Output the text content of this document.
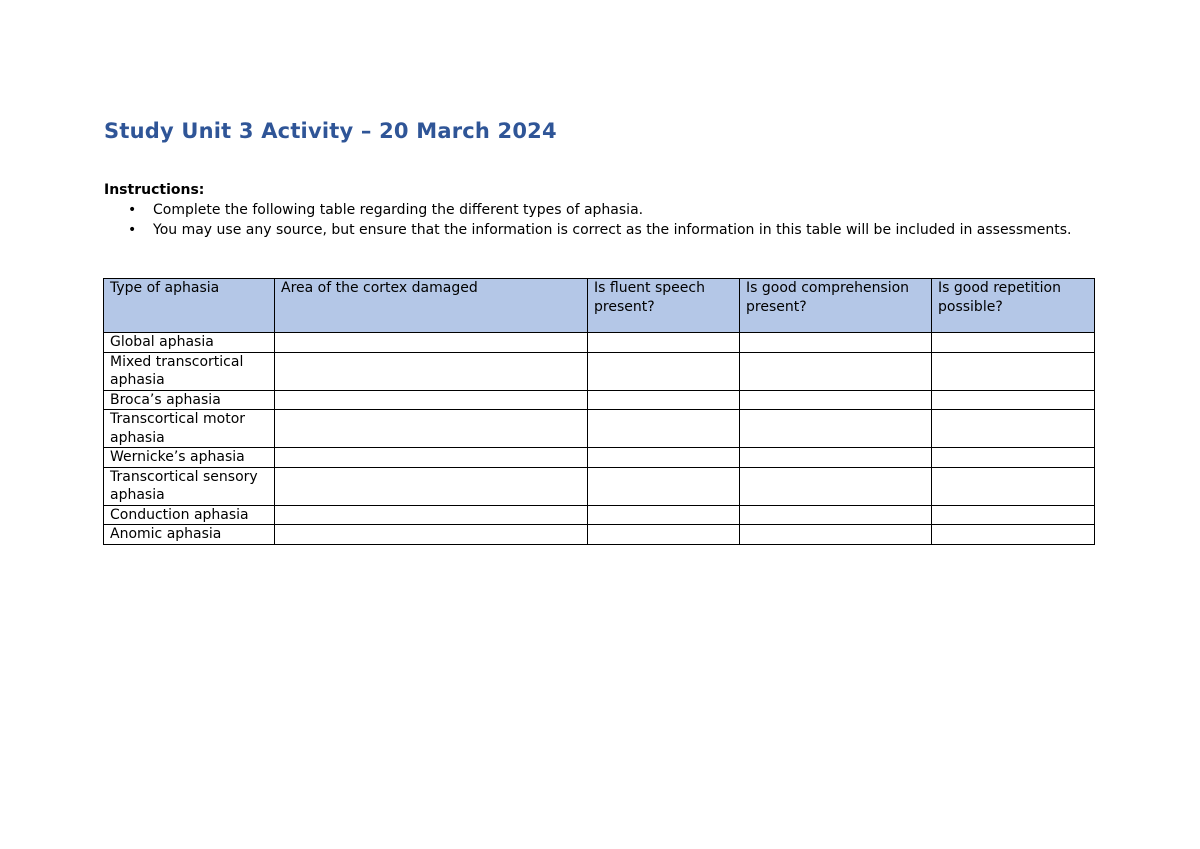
Study Unit 3 Activity – 20 March 2024
Instructions:
• Complete the following table regarding the different types of aphasia.
• You may use any source, but ensure that the information is correct as the information in this table will be included in assessments.
Type of aphasia	Area of the cortex damaged	Is fluent speech present?	Is good comprehension present?	Is good repetition possible?
Global aphasia				
Mixed transcortical aphasia				
Broca’s aphasia				
Transcortical motor aphasia				
Wernicke’s aphasia				
Transcortical sensory aphasia				
Conduction aphasia				
Anomic aphasia				
